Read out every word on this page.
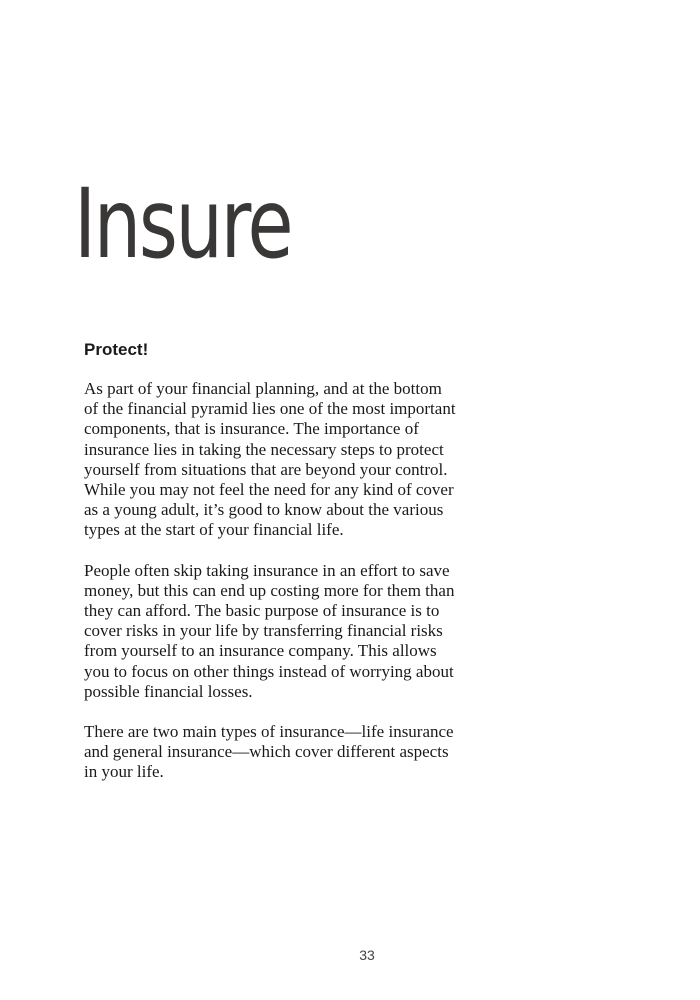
Insure
Protect!

As part of your financial planning, and at the bottom of the financial pyramid lies one of the most important components, that is insurance. The importance of insurance lies in taking the necessary steps to protect yourself from situations that are beyond your control. While you may not feel the need for any kind of cover as a young adult, it’s good to know about the various types at the start of your financial life.

People often skip taking insurance in an effort to save money, but this can end up costing more for them than they can afford. The basic purpose of insurance is to cover risks in your life by transferring financial risks from yourself to an insurance company. This allows you to focus on other things instead of worrying about possible financial losses.

There are two main types of insurance—life insurance and general insurance—which cover different aspects in your life.

33
